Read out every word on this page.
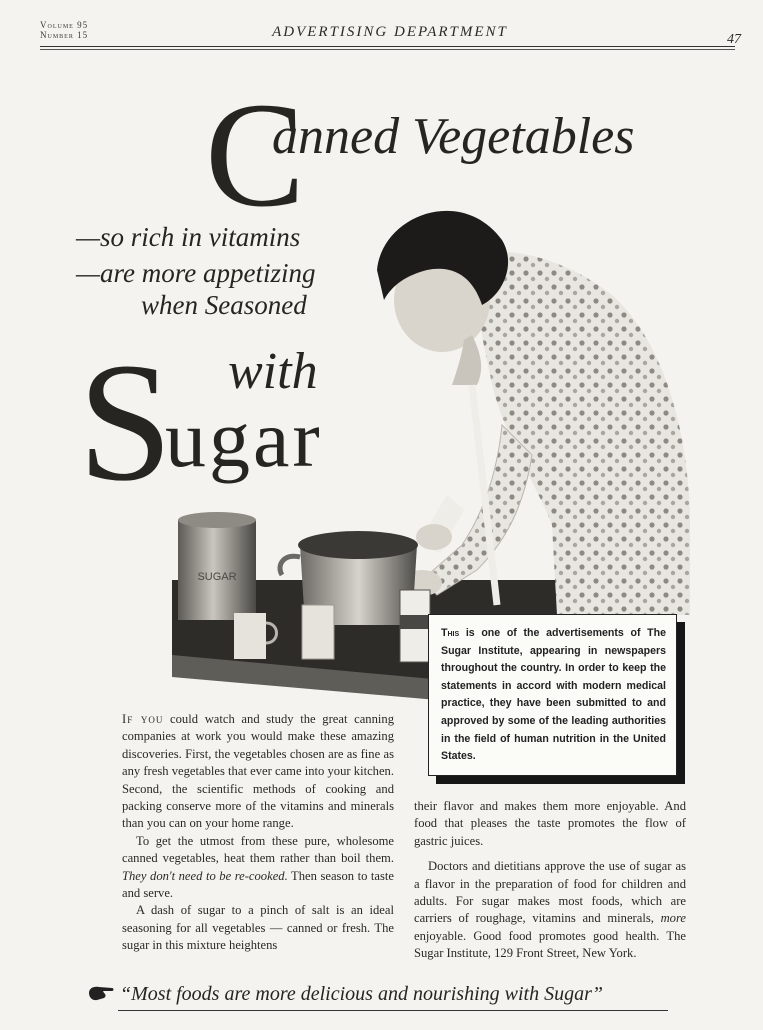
Volume 95
Number 15	ADVERTISING DEPARTMENT	47
SUGAR
C
anned Vegetables
—so rich in vitamins
—are more appetizing
when Seasoned
with
S
ugar
This is one of the advertisements of The Sugar Institute, appearing in newspapers throughout the country. In order to keep the statements in accord with modern medical practice, they have been submitted to and approved by some of the leading authorities in the field of human nutrition in the United States.

If you could watch and study the great canning companies at work you would make these amazing discoveries. First, the vegetables chosen are as fine as any fresh vegetables that ever came into your kitchen. Second, the scientific methods of cooking and packing conserve more of the vitamins and minerals than you can on your home range.

To get the utmost from these pure, wholesome canned vegetables, heat them rather than boil them. They don't need to be re-cooked. Then season to taste and serve.

A dash of sugar to a pinch of salt is an ideal seasoning for all vegetables — canned or fresh. The sugar in this mixture heightens

their flavor and makes them more enjoyable. And food that pleases the taste promotes the flow of gastric juices.

Doctors and dietitians approve the use of sugar as a flavor in the preparation of food for children and adults. For sugar makes most foods, which are carriers of roughage, vitamins and minerals, more enjoyable. Good food promotes good health. The Sugar Institute, 129 Front Street, New York.

“Most foods are more delicious and nourishing with Sugar”
